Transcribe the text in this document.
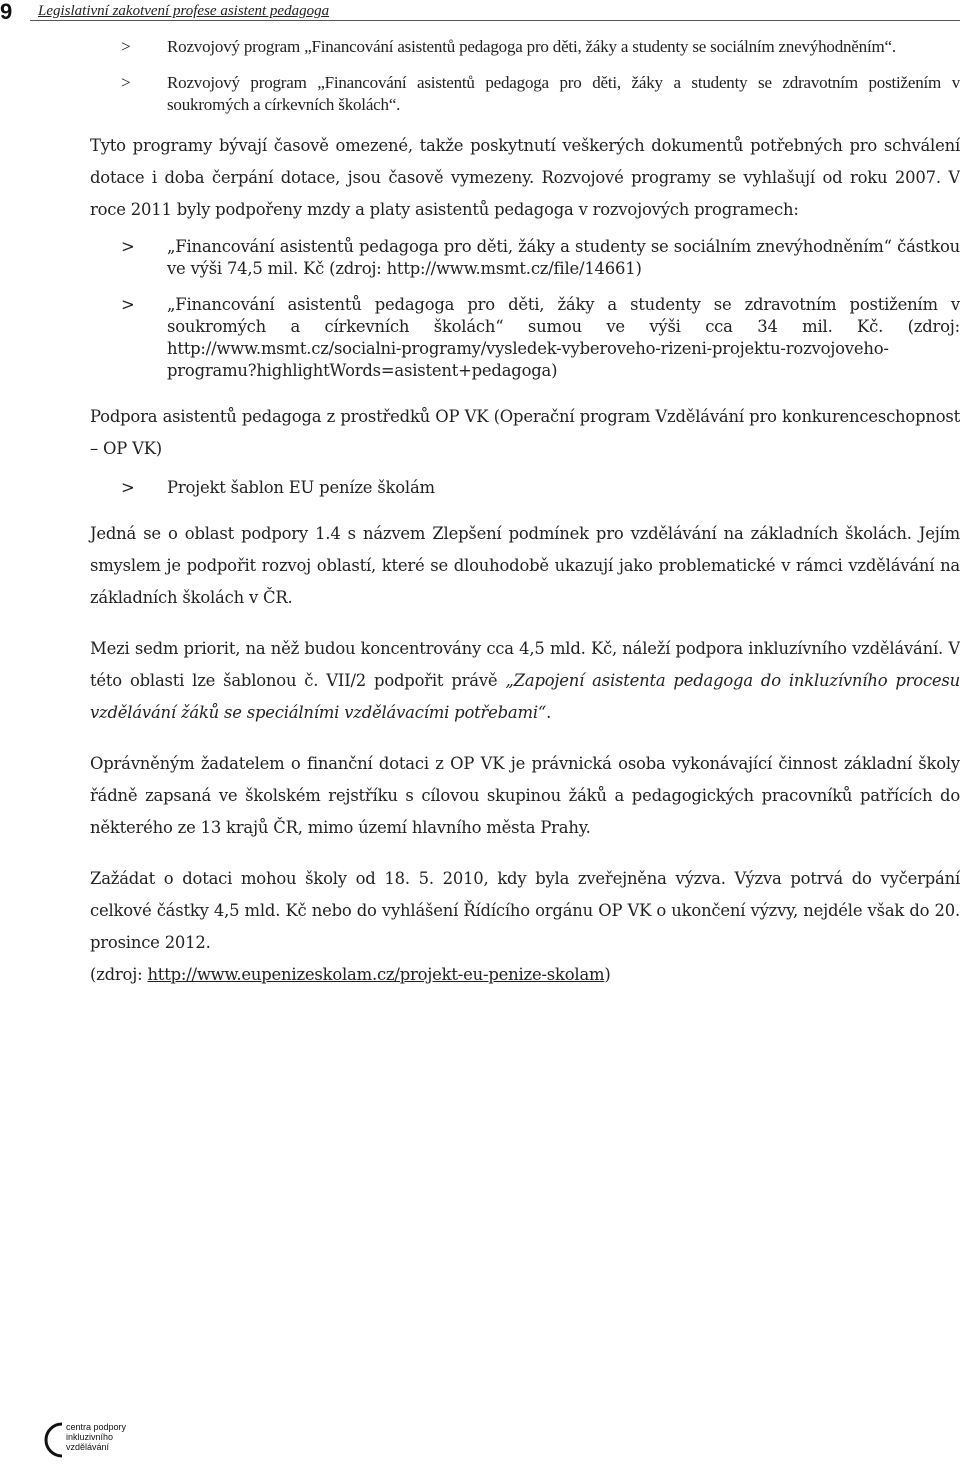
9 Legislativní zakotvení profese asistent pedagoga
> Rozvojový program „Financování asistentů pedagoga pro děti, žáky a studenty se sociálním znevýhodněním“.
> Rozvojový program „Financování asistentů pedagoga pro děti, žáky a studenty se zdravotním postižením v soukromých a církevních školách“.

Tyto programy bývají časově omezené, takže poskytnutí veškerých dokumentů potřebných pro schválení dotace i doba čerpání dotace, jsou časově vymezeny. Rozvojové programy se vyhlašují od roku 2007. V roce 2011 byly podpořeny mzdy a platy asistentů pedagoga v rozvojových programech:

> „Financování asistentů pedagoga pro děti, žáky a studenty se sociálním znevýhodněním“ částkou ve výši 74,5 mil. Kč (zdroj: http://www.msmt.cz/file/14661)
> „Financování asistentů pedagoga pro děti, žáky a studenty se zdravotním postižením v soukromých a církevních školách“ sumou ve výši cca 34 mil. Kč. (zdroj: http://www.msmt.cz/socialni-programy/vysledek-vyberoveho-rizeni-projektu-rozvojoveho-programu?highlightWords=asistent+pedagoga)

Podpora asistentů pedagoga z prostředků OP VK (Operační program Vzdělávání pro konkurenceschopnost – OP VK)

> Projekt šablon EU peníze školám

Jedná se o oblast podpory 1.4 s názvem Zlepšení podmínek pro vzdělávání na základních školách. Jejím smyslem je podpořit rozvoj oblastí, které se dlouhodobě ukazují jako problematické v rámci vzdělávání na základních školách v ČR.

Mezi sedm priorit, na něž budou koncentrovány cca 4,5 mld. Kč, náleží podpora inkluzívního vzdělávání. V této oblasti lze šablonou č. VII/2 podpořit právě „Zapojení asistenta pedagoga do inkluzívního procesu vzdělávání žáků se speciálními vzdělávacími potřebami“.

Oprávněným žadatelem o finanční dotaci z OP VK je právnická osoba vykonávající činnost základní školy řádně zapsaná ve školském rejstříku s cílovou skupinou žáků a pedagogických pracovníků patřících do některého ze 13 krajů ČR, mimo území hlavního města Prahy.

Zažádat o dotaci mohou školy od 18. 5. 2010, kdy byla zveřejněna výzva. Výzva potrvá do vyčerpání celkové částky 4,5 mld. Kč nebo do vyhlášení Řídícího orgánu OP VK o ukončení výzvy, nejdéle však do 20. prosince 2012.

(zdroj: http://www.eupenizeskolam.cz/projekt-eu-penize-skolam)

centra podpory
inkluzivního vzdělávání
